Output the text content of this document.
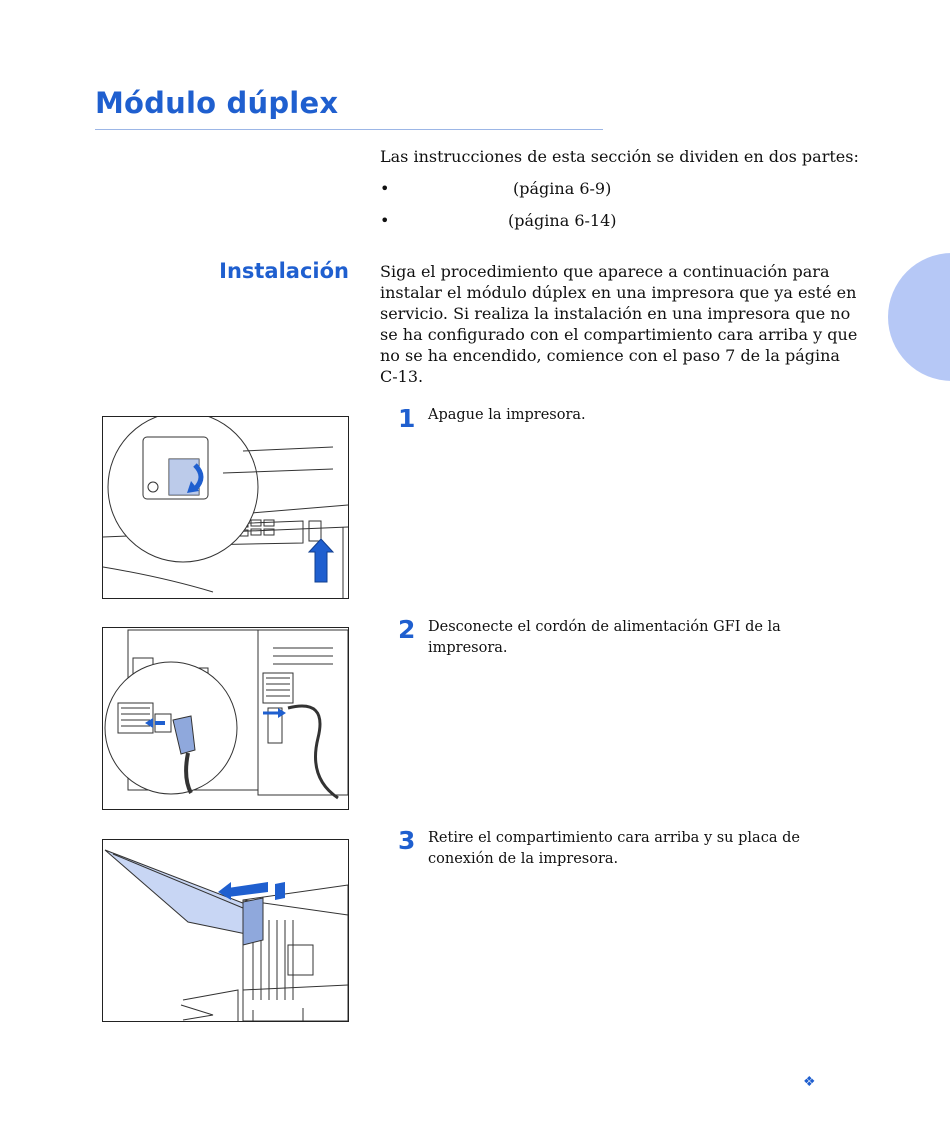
Módulo dúplex

Las instrucciones de esta sección se dividen en dos partes:

•	(página 6-9)
•	(página 6-14)
Instalación Siga el procedimiento que aparece a continuación para instalar el módulo dúplex en una impresora que ya esté en servicio. Si realiza la instalación en una impresora que no se ha configurado con el compartimiento cara arriba y que no se ha encendido, comience con el paso 7 de la página C-13.

1 Apague la impresora.

2 Desconecte el cordón de alimentación GFI de la impresora.

3 Retire el compartimiento cara arriba y su placa de conexión de la impresora.

❖
